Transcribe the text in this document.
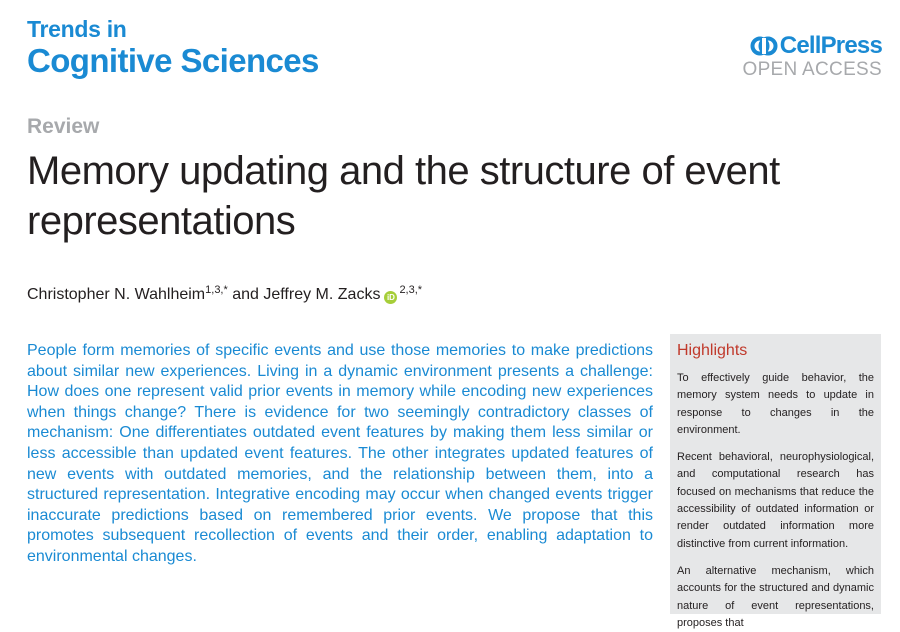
Trends in
Cognitive Sciences	CellPress
OPEN ACCESS
Review
Memory updating and the structure of event representations
Christopher N. Wahlheim$^{1,3,*}$ and Jeffrey M. Zacks $iD^{2,3,*}$
People form memories of specific events and use those memories to make predictions about similar new experiences. Living in a dynamic environment presents a challenge: How does one represent valid prior events in memory while encoding new experiences when things change? There is evidence for two seemingly contradictory classes of mechanism: One differentiates outdated event features by making them less similar or less accessible than updated event features. The other integrates updated features of new events with outdated memories, and the relationship between them, into a structured representation. Integrative encoding may occur when changed events trigger inaccurate predictions based on remembered prior events. We propose that this promotes subsequent recollection of events and their order, enabling adaptation to environmental changes.
Highlights
To effectively guide behavior, the memory system needs to update in response to changes in the environment.
Recent behavioral, neurophysiological, and computational research has focused on mechanisms that reduce the accessibility of outdated information or render outdated information more distinctive from current information.
An alternative mechanism, which accounts for the structured and dynamic nature of event representations, proposes that
